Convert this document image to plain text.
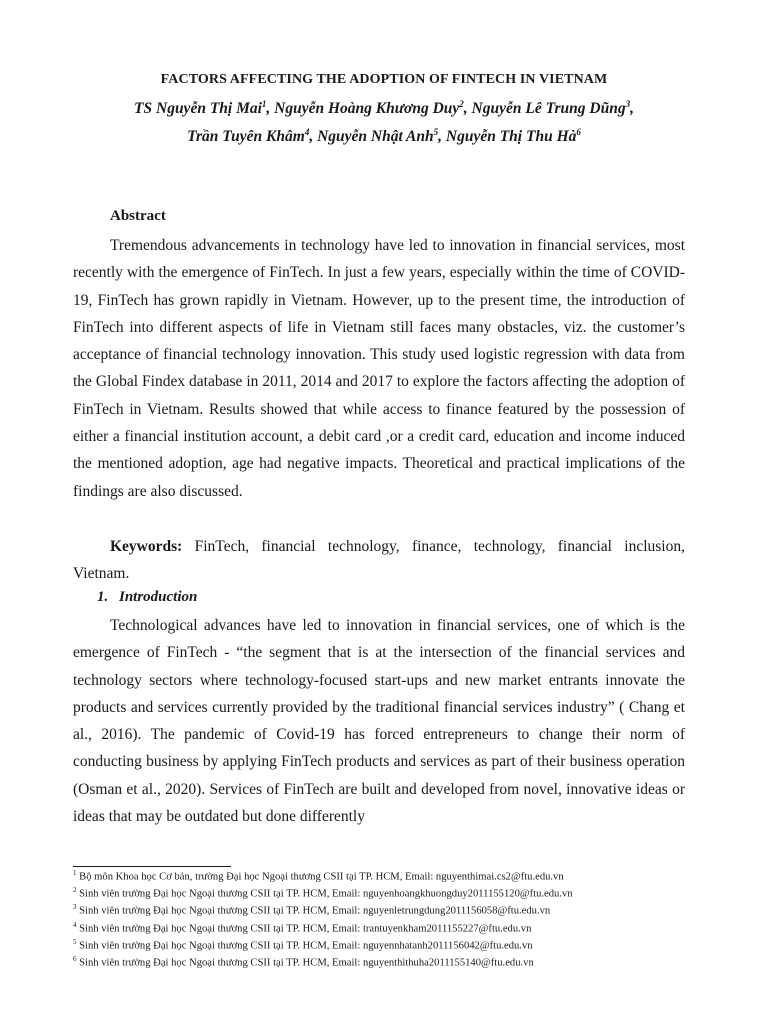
FACTORS AFFECTING THE ADOPTION OF FINTECH IN VIETNAM
TS Nguyễn Thị Mai$^1$, Nguyễn Hoàng Khương Duy$^2$, Nguyễn Lê Trung Dũng$^3$,
Trần Tuyên Khâm$^4$, Nguyễn Nhật Anh$^5$, Nguyễn Thị Thu $Hà^6$
Abstract

Tremendous advancements in technology have led to innovation in financial services, most recently with the emergence of FinTech. In just a few years, especially within the time of COVID-19, FinTech has grown rapidly in Vietnam. However, up to the present time, the introduction of FinTech into different aspects of life in Vietnam still faces many obstacles, viz. the customer’s acceptance of financial technology innovation. This study used logistic regression with data from the Global Findex database in 2011, 2014 and 2017 to explore the factors affecting the adoption of FinTech in Vietnam. Results showed that while access to finance featured by the possession of either a financial institution account, a debit card ,or a credit card, education and income induced the mentioned adoption, age had negative impacts. Theoretical and practical implications of the findings are also discussed.

Keywords: FinTech, financial technology, finance, technology, financial inclusion, Vietnam.

1. Introduction

Technological advances have led to innovation in financial services, one of which is the emergence of FinTech - “the segment that is at the intersection of the financial services and technology sectors where technology-focused start-ups and new market entrants innovate the products and services currently provided by the traditional financial services industry” ( Chang et al., 2016). The pandemic of Covid-19 has forced entrepreneurs to change their norm of conducting business by applying FinTech products and services as part of their business operation (Osman et al., 2020). Services of FinTech are built and developed from novel, innovative ideas or ideas that may be outdated but done differently

$^1$ Bộ môn Khoa học Cơ bản, trường Đại học Ngoại thương CSII tại TP. HCM, Email: nguyenthimai.cs2@ftu.edu.vn
$^2$ Sinh viên trường Đại học Ngoại thương CSII tại TP. HCM, Email: nguyenhoangkhuongduy2011155120@ftu.edu.vn
$^3$ Sinh viên trường Đại học Ngoại thương CSII tại TP. HCM, Email: nguyenletrungdung2011156058@ftu.edu.vn
$^4$ Sinh viên trường Đại học Ngoại thương CSII tại TP. HCM, Email: trantuyenkham2011155227@ftu.edu.vn
$^5$ Sinh viên trường Đại học Ngoại thương CSII tại TP. HCM, Email: nguyennhatanh2011156042@ftu.edu.vn
$^6$ Sinh viên trường Đại học Ngoại thương CSII tại TP. HCM, Email: nguyenthithuha2011155140@ftu.edu.vn
